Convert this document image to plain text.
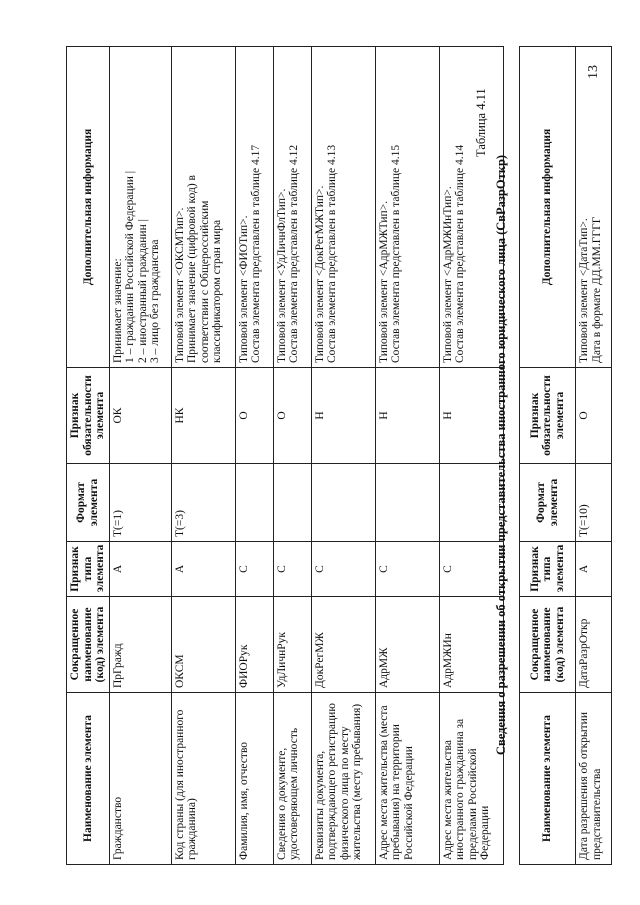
13
Наименование элемента	Сокращенное наименование (код) элемента	Признак типа элемента	Формат элемента	Признак обязательности элемента	Дополнительная информация
Гражданство	ПрГражд	А	Т(=1)	ОК	Принимает значение: 1 – гражданин Российской Федерации | 2 – иностранный гражданин | 3 – лицо без гражданства

Код страны (для иностранного гражданина)	ОКСМ	А	Т(=3)	НК	Типовой элемент <ОКСМТип>. Принимает значение (цифровой код) в соответствии с Общероссийским классификатором стран мира

Фамилия, имя, отчество	ФИОРук	С		О	Типовой элемент <ФИОТип>. Состав элемента представлен в таблице 4.17

Сведения о документе, удостоверяющем личность	УдЛичнРук	С		О	Типовой элемент <УдЛичнФлТип>. Состав элемента представлен в таблице 4.12

Реквизиты документа, подтверждающего регистрацию физического лица по месту жительства (месту пребывания)	ДокРегМЖ	С		Н	Типовой элемент <ДокРегМЖТип>. Состав элемента представлен в таблице 4.13

Адрес места жительства (места пребывания) на территории Российской Федерации	АдрМЖ	С		Н	Типовой элемент <АдрМЖТип>. Состав элемента представлен в таблице 4.15

Адрес места жительства иностранного гражданина за пределами Российской Федерации	АдрМЖИн	С		Н	Типовой элемент <АдрМЖИнТип>. Состав элемента представлен в таблице 4.14
Таблица 4.11
Сведения о разрешении об открытии представительства иностранного юридического лица (СвРазрОткр)
Наименование элемента	Сокращенное наименование (код) элемента	Признак типа элемента	Формат элемента	Признак обязательности элемента	Дополнительная информация
Дата разрешения об открытии представительства	ДатаРазрОткр	А	Т(=10)	О	Типовой элемент <ДатаТип>. Дата в формате ДД.ММ.ГГГГ
